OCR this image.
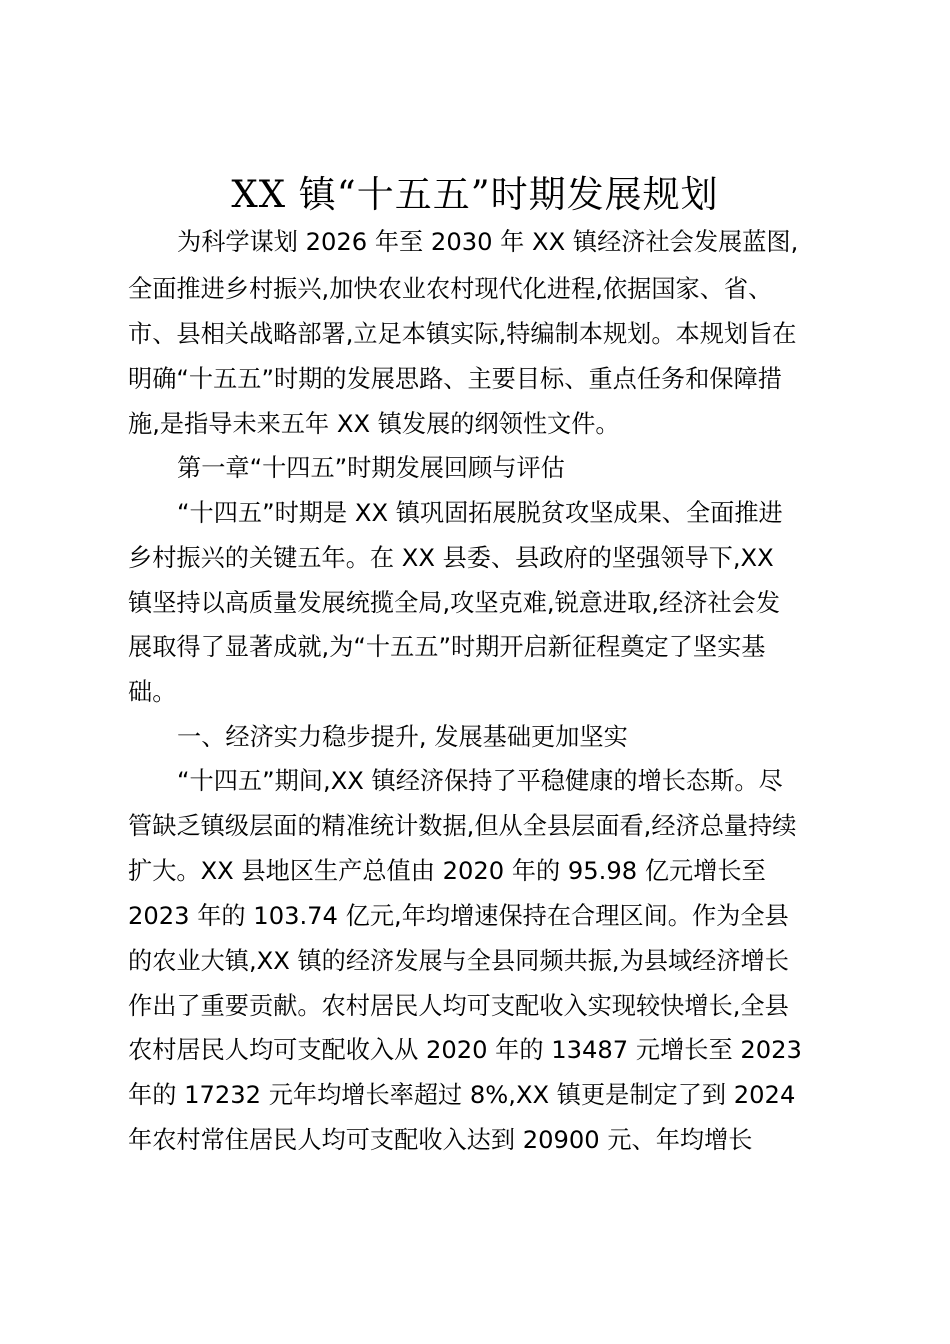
XX 镇“十五五”时期发展规划

为科学谋划 2026 年至 2030 年 XX 镇经济社会发展蓝图,

全面推进乡村振兴,加快农业农村现代化进程,依据国家、省、

市、县相关战略部署,立足本镇实际,特编制本规划。本规划旨在

明确“十五五”时期的发展思路、主要目标、重点任务和保障措

施,是指导未来五年 XX 镇发展的纲领性文件。

第一章“十四五”时期发展回顾与评估

“十四五”时期是 XX 镇巩固拓展脱贫攻坚成果、全面推进

乡村振兴的关键五年。在 XX 县委、县政府的坚强领导下,XX

镇坚持以高质量发展统揽全局,攻坚克难,锐意进取,经济社会发

展取得了显著成就,为“十五五”时期开启新征程奠定了坚实基

础。

一、经济实力稳步提升, 发展基础更加坚实

“十四五”期间,XX 镇经济保持了平稳健康的增长态斯。尽

管缺乏镇级层面的精准统计数据,但从全县层面看,经济总量持续

扩大。XX 县地区生产总值由 2020 年的 95.98 亿元增长至

2023 年的 103.74 亿元,年均增速保持在合理区间。作为全县

的农业大镇,XX 镇的经济发展与全县同频共振,为县域经济增长

作出了重要贡献。农村居民人均可支配收入实现较快增长,全县

农村居民人均可支配收入从 2020 年的 13487 元增长至 2023

年的 17232 元年均增长率超过 8%,XX 镇更是制定了到 2024

年农村常住居民人均可支配收入达到 20900 元、年均增长
